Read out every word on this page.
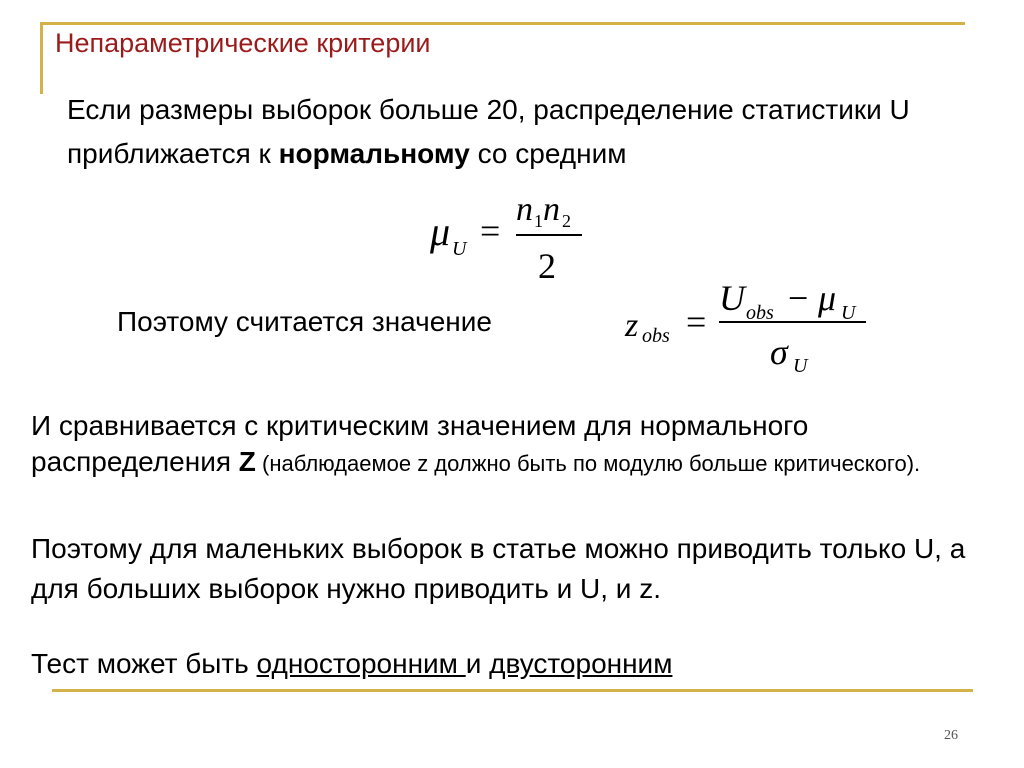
Непараметрические критерии
Если размеры выборок больше 20, распределение статистики U приближается к нормальному со средним
μ U =
n 1 n 2
2
Поэтому считается значение	z obs =
U obs − μ U
σ U
И сравнивается с критическим значением для нормального распределения Z (наблюдаемое z должно быть по модулю больше критического).
Поэтому для маленьких выборок в статье можно приводить только U, а для больших выборок нужно приводить и U, и z.
Тест может быть односторонним и двусторонним
26
